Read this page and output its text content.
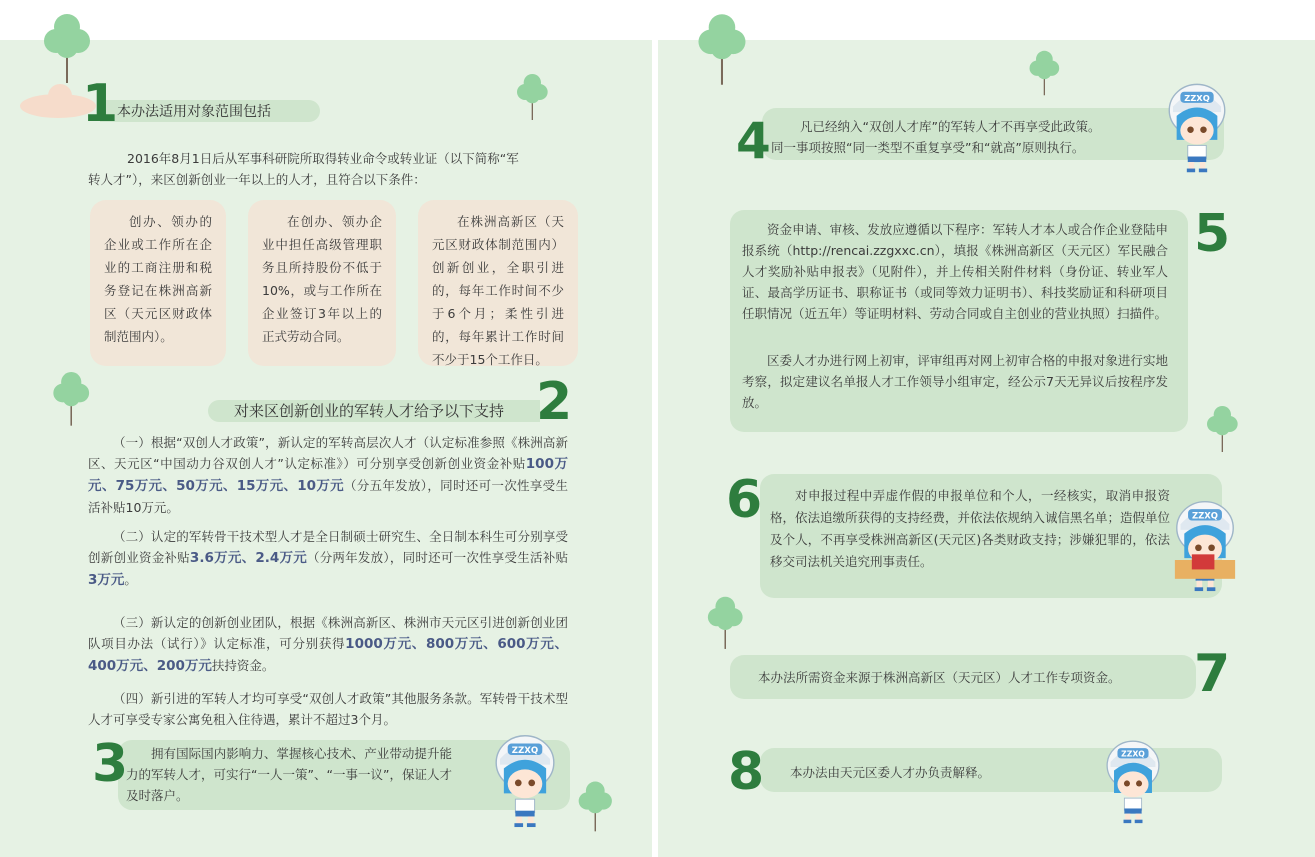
1
本办法适用对象范围包括
2016年8月1日后从军事科研院所取得转业命令或转业证（以下简称“军
转人才”），来区创新创业一年以上的人才，且符合以下条件：
创办、领办的企业或工作所在企业的工商注册和税务登记在株洲高新区（天元区财政体制范围内）。
在创办、领办企业中担任高级管理职务且所持股份不低于10%，或与工作所在企业签订3年以上的正式劳动合同。
在株洲高新区（天元区财政体制范围内）创新创业，全职引进的，每年工作时间不少于6个月；柔性引进的，每年累计工作时间不少于15个工作日。
对来区创新创业的军转人才给予以下支持 2
（一）根据“双创人才政策”，新认定的军转高层次人才（认定标准参照《株洲高新区、天元区“中国动力谷双创人才”认定标准》）可分别享受创新创业资金补贴100万元、75万元、50万元、15万元、10万元（分五年发放），同时还可一次性享受生活补贴10万元。
（二）认定的军转骨干技术型人才是全日制硕士研究生、全日制本科生可分别享受创新创业资金补贴3.6万元、2.4万元（分两年发放），同时还可一次性享受生活补贴3万元。
（三）新认定的创新创业团队，根据《株洲高新区、株洲市天元区引进创新创业团队项目办法（试行）》认定标准，可分别获得1000万元、800万元、600万元、400万元、200万元扶持资金。
（四）新引进的军转人才均可享受“双创人才政策”其他服务条款。军转骨干技术型人才可享受专家公寓免租入住待遇，累计不超过3个月。
3	拥有国际国内影响力、掌握核心技术、产业带动提升能力的军转人才，可实行“一人一策”、“一事一议”，保证人才及时落户。
ZZXQ
4 凡已经纳入“双创人才库”的军转人才不再享受此政策。
同一事项按照“同一类型不重复享受”和“就高”原则执行。
ZZXQ
5
资金申请、审核、发放应遵循以下程序：军转人才本人或合作企业登陆申报系统（http://rencai.zzgxxc.cn），填报《株洲高新区（天元区）军民融合人才奖励补贴申报表》（见附件），并上传相关附件材料（身份证、转业军人证、最高学历证书、职称证书（或同等效力证明书）、科技奖励证和科研项目任职情况（近五年）等证明材料、劳动合同或自主创业的营业执照）扫描件。
区委人才办进行网上初审，评审组再对网上初审合格的申报对象进行实地考察，拟定建议名单报人才工作领导小组审定，经公示7天无异议后按程序发放。
6	对申报过程中弄虚作假的申报单位和个人，一经核实，取消申报资格，依法追缴所获得的支持经费，并依法依规纳入诚信黑名单；造假单位及个人，不再享受株洲高新区(天元区)各类财政支持；涉嫌犯罪的，依法移交司法机关追究刑事责任。
ZZXQ
7
本办法所需资金来源于株洲高新区（天元区）人才工作专项资金。
8 本办法由天元区委人才办负责解释。
ZZXQ
